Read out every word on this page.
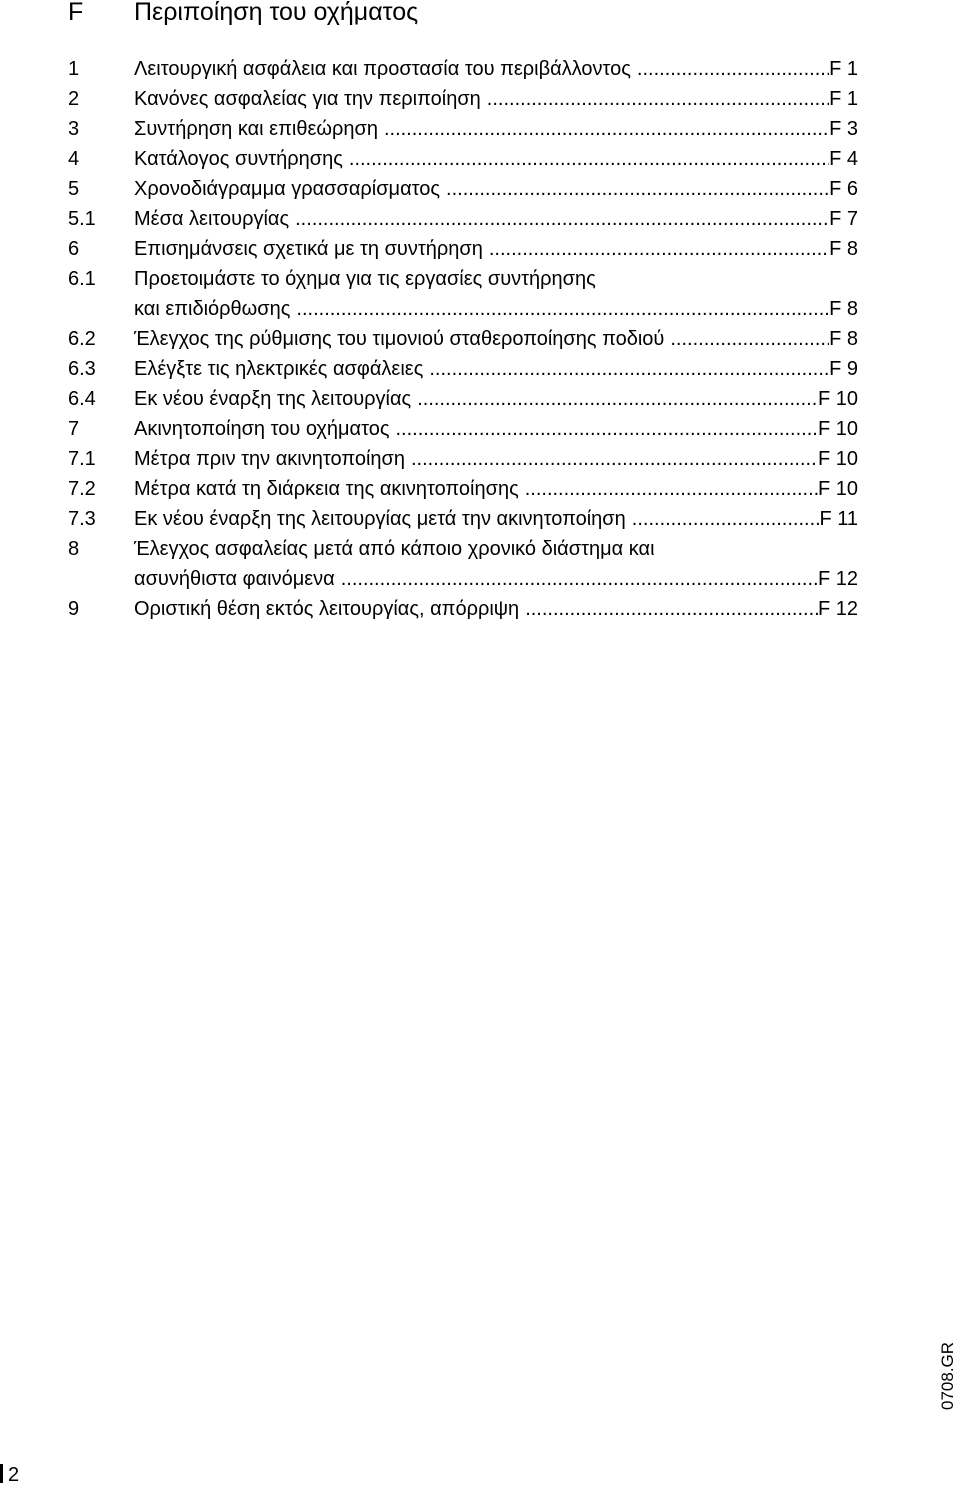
F Περιποίηση του οχήματος
1	Λειτουργική ασφάλεια και προστασία του περιβάλλοντος .....	F 1
2	Κανόνες ασφαλείας για την περιποίηση .....	F 1
3	Συντήρηση και επιθεώρηση .....	F 3
4	Κατάλογος συντήρησης .....	F 4
5	Χρονοδιάγραμμα γρασσαρίσματος .....	F 6
5.1 Μέσα λειτουργίας .....	F 7
6	Επισημάνσεις σχετικά με τη συντήρηση .....	F 8
6.1 Προετοιμάστε το όχημα για τις εργασίες συντήρησης
και επιδιόρθωσης .....	F 8
6.2 Έλεγχος της ρύθμισης του τιμονιού σταθεροποίησης ποδιού .....	F 8
6.3 Ελέγξτε τις ηλεκτρικές ασφάλειες .....	F 9
6.4 Εκ νέου έναρξη της λειτουργίας .....	F 10
7	Ακινητοποίηση του οχήματος .....	F 10
7.1 Μέτρα πριν την ακινητοποίηση .....	F 10
7.2 Μέτρα κατά τη διάρκεια της ακινητοποίησης .....	F 10
7.3 Εκ νέου έναρξη της λειτουργίας μετά την ακινητοποίηση .....	F 11
8	Έλεγχος ασφαλείας μετά από κάποιο χρονικό διάστημα και
ασυνήθιστα φαινόμενα .....	F 12
9	Οριστική θέση εκτός λειτουργίας, απόρριψη .....	F 12
0708.GR
2
